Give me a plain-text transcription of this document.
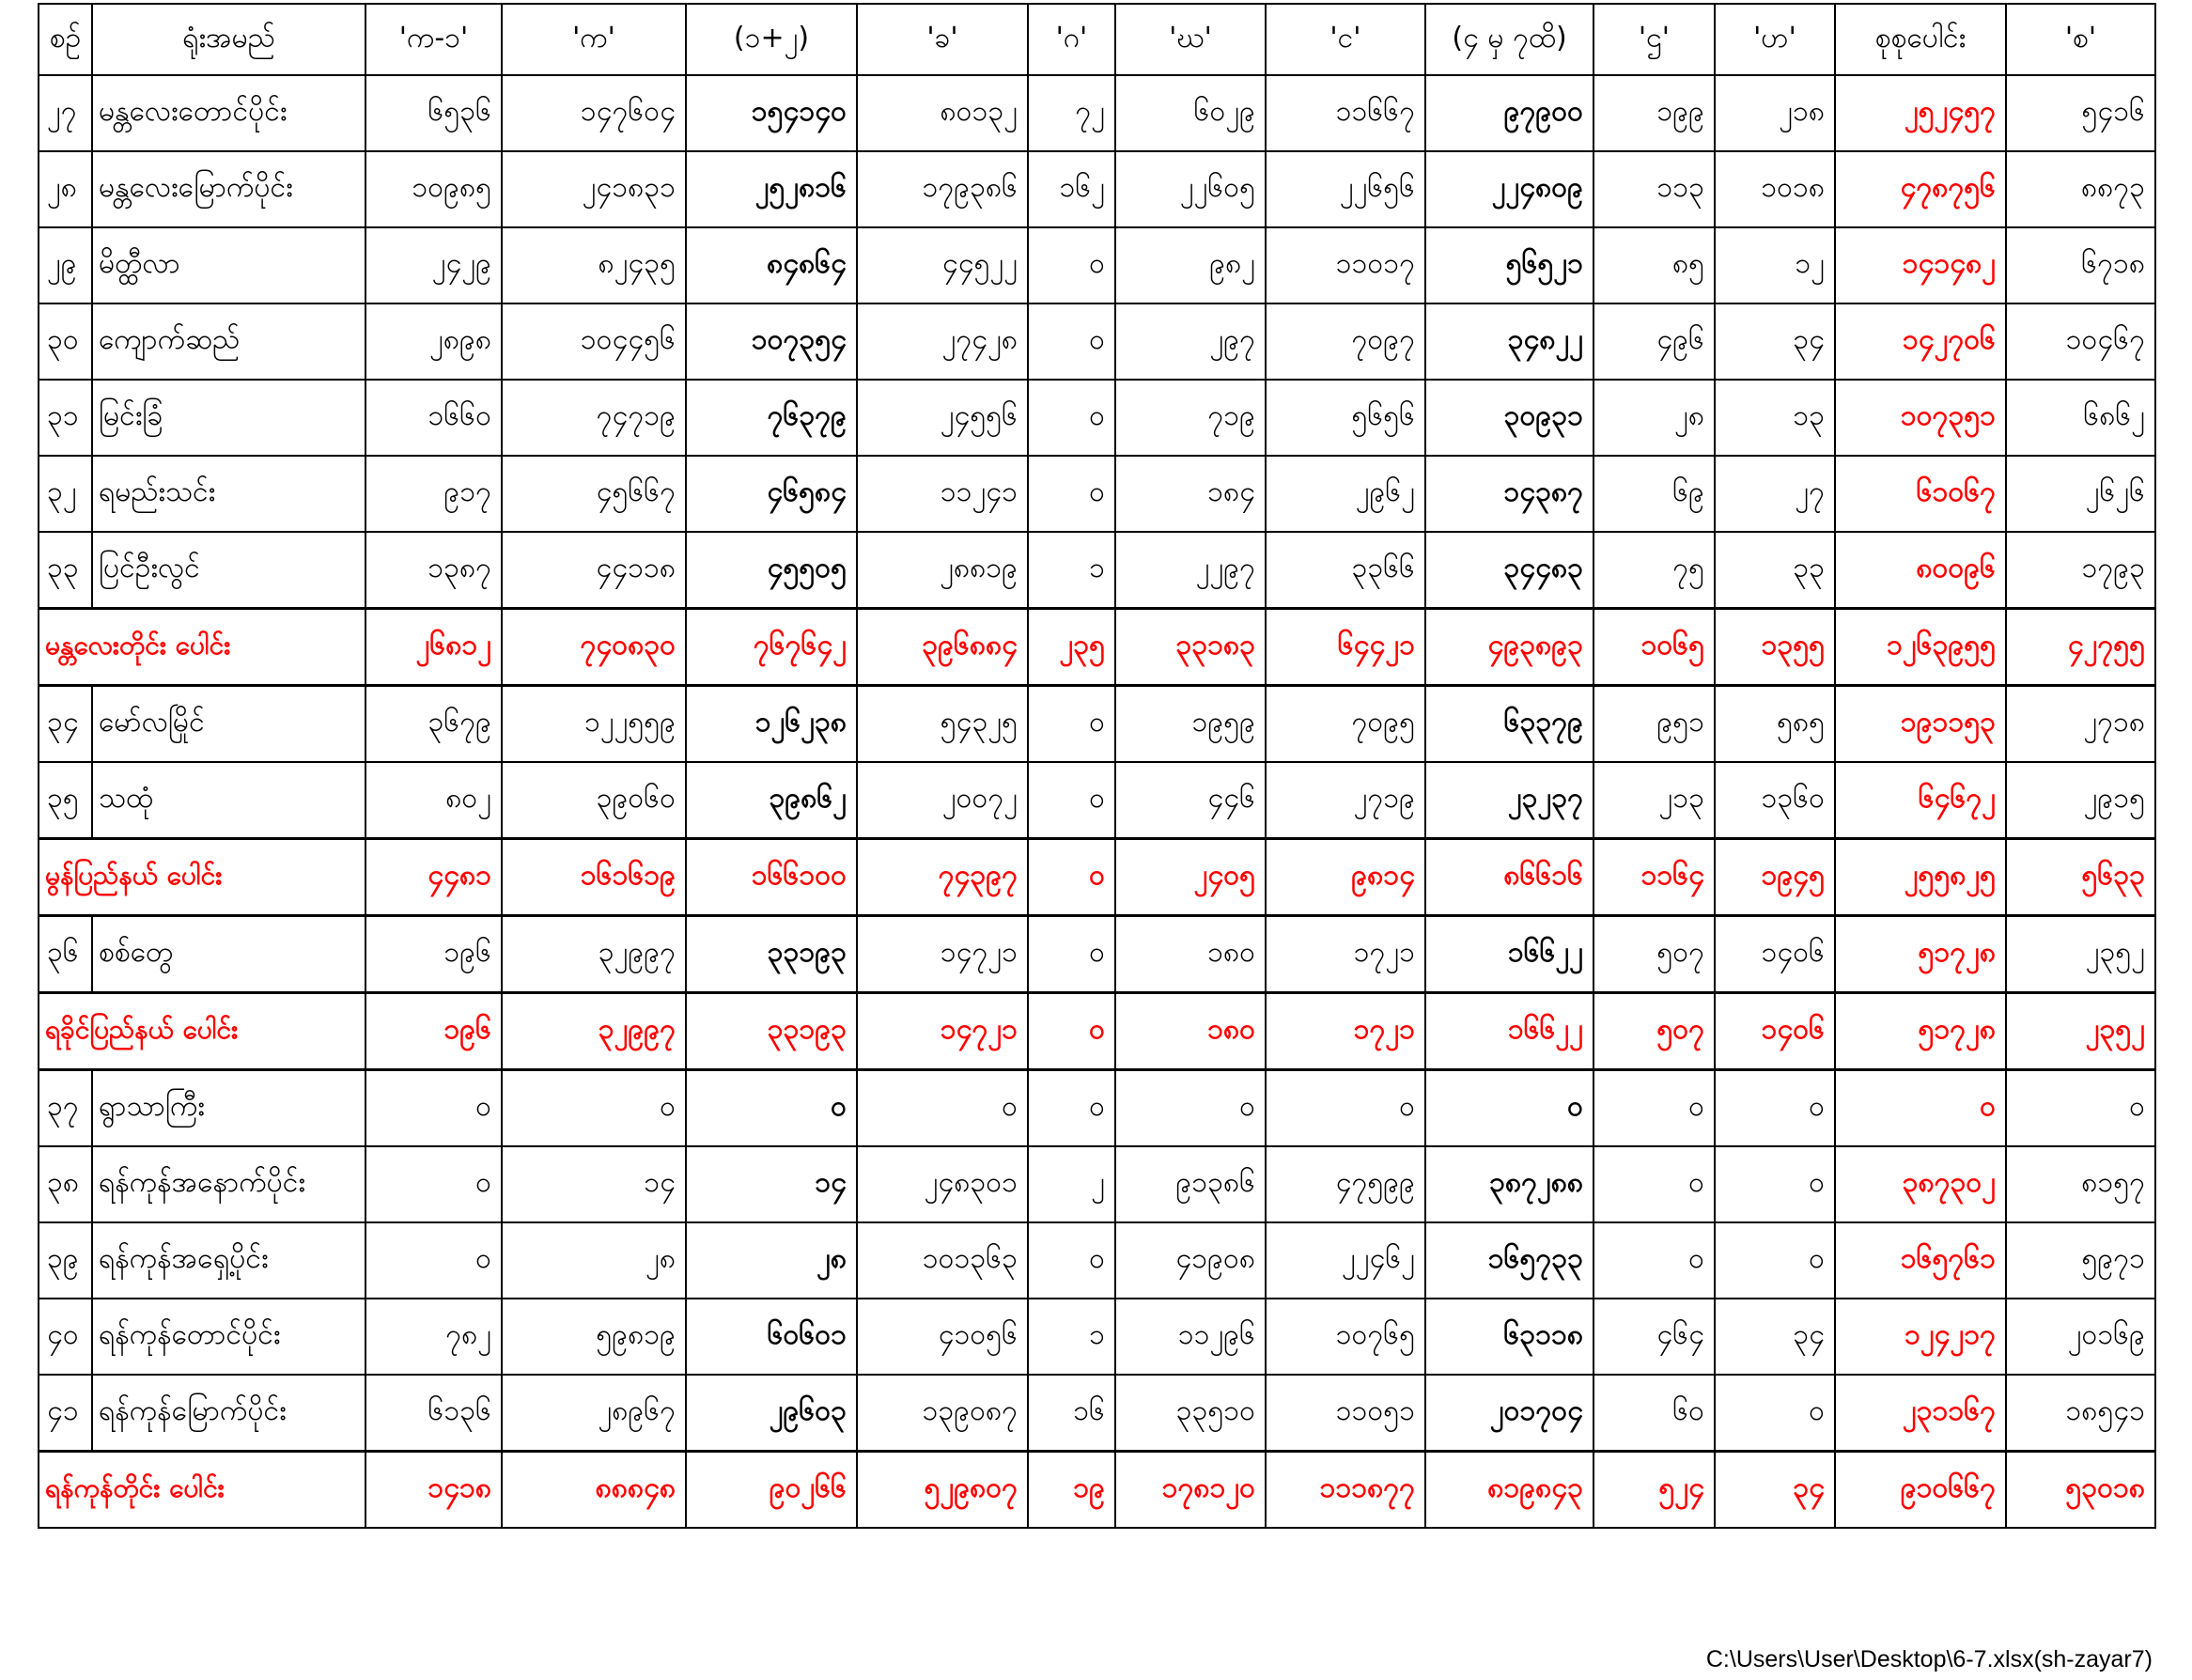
စဉ်	ရုံးအမည်	'က-၁'	'က'	(၁+၂)	'ခ'	'ဂ'	'ဃ'	'င'	(၄ မှ ၇ထိ)	'ဌ'	'ဟ'	စုစုပေါင်း	'စ'
၂၇	မန္တလေးတောင်ပိုင်း	၆၅၃၆	၁၄၇၆၀၄	၁၅၄၁၄၀	၈၀၁၃၂	၇၂	၆၀၂၉	၁၁၆၆၇	၉၇၉၀၀	၁၉၉	၂၁၈	၂၅၂၄၅၇	၅၄၁၆
၂၈	မန္တလေးမြောက်ပိုင်း	၁၀၉၈၅	၂၄၁၈၃၁	၂၅၂၈၁၆	၁၇၉၃၈၆	၁၆၂	၂၂၆၀၅	၂၂၆၅၆	၂၂၄၈၀၉	၁၁၃	၁၀၁၈	၄၇၈၇၅၆	၈၈၇၃
၂၉	မိတ္ထီလာ	၂၄၂၉	၈၂၄၃၅	၈၄၈၆၄	၄၄၅၂၂	၀	၉၈၂	၁၁၀၁၇	၅၆၅၂၁	၈၅	၁၂	၁၄၁၄၈၂	၆၇၁၈
၃၀	ကျောက်ဆည်	၂၈၉၈	၁၀၄၄၅၆	၁၀၇၃၅၄	၂၇၄၂၈	၀	၂၉၇	၇၀၉၇	၃၄၈၂၂	၄၉၆	၃၄	၁၄၂၇၀၆	၁၀၄၆၇
၃၁	မြင်းခြံ	၁၆၆၀	၇၄၇၁၉	၇၆၃၇၉	၂၄၅၅၆	၀	၇၁၉	၅၆၅၆	၃၀၉၃၁	၂၈	၁၃	၁၀၇၃၅၁	၆၈၆၂
၃၂	ရမည်းသင်း	၉၁၇	၄၅၆၆၇	၄၆၅၈၄	၁၁၂၄၁	၀	၁၈၄	၂၉၆၂	၁၄၃၈၇	၆၉	၂၇	၆၁၀၆၇	၂၆၂၆
၃၃	ပြင်ဦးလွင်	၁၃၈၇	၄၄၁၁၈	၄၅၅၀၅	၂၈၈၁၉	၁	၂၂၉၇	၃၃၆၆	၃၄၄၈၃	၇၅	၃၃	၈၀၀၉၆	၁၇၉၃
မန္တလေးတိုင်း ပေါင်း		၂၆၈၁၂	၇၄၀၈၃၀	၇၆၇၆၄၂	၃၉၆၈၈၄	၂၃၅	၃၃၁၈၃	၆၄၄၂၁	၄၉၃၈၉၃	၁၀၆၅	၁၃၅၅	၁၂၆၃၉၅၅	၄၂၇၅၅
၃၄	မော်လမြိုင်	၃၆၇၉	၁၂၂၅၅၉	၁၂၆၂၃၈	၅၄၃၂၅	၀	၁၉၅၉	၇၀၉၅	၆၃၃၇၉	၉၅၁	၅၈၅	၁၉၁၁၅၃	၂၇၁၈
၃၅	သထုံ	၈၀၂	၃၉၀၆၀	၃၉၈၆၂	၂၀၀၇၂	၀	၄၄၆	၂၇၁၉	၂၃၂၃၇	၂၁၃	၁၃၆၀	၆၄၆၇၂	၂၉၁၅
မွန်ပြည်နယ် ပေါင်း		၄၄၈၁	၁၆၁၆၁၉	၁၆၆၁၀၀	၇၄၃၉၇	၀	၂၄၀၅	၉၈၁၄	၈၆၆၁၆	၁၁၆၄	၁၉၄၅	၂၅၅၈၂၅	၅၆၃၃
၃၆	စစ်တွေ	၁၉၆	၃၂၉၉၇	၃၃၁၉၃	၁၄၇၂၁	၀	၁၈၀	၁၇၂၁	၁၆၆၂၂	၅၀၇	၁၄၀၆	၅၁၇၂၈	၂၃၅၂
ရခိုင်ပြည်နယ် ပေါင်း		၁၉၆	၃၂၉၉၇	၃၃၁၉၃	၁၄၇၂၁	၀	၁၈၀	၁၇၂၁	၁၆၆၂၂	၅၀၇	၁၄၀၆	၅၁၇၂၈	၂၃၅၂
၃၇	ရွာသာကြီး	၀	၀	၀	၀	၀	၀	၀	၀	၀	၀	၀	၀
၃၈	ရန်ကုန်အနောက်ပိုင်း	၀	၁၄	၁၄	၂၄၈၃၀၁	၂	၉၁၃၈၆	၄၇၅၉၉	၃၈၇၂၈၈	၀	၀	၃၈၇၃၀၂	၈၁၅၇
၃၉	ရန်ကုန်အရှေ့ပိုင်း	၀	၂၈	၂၈	၁၀၁၃၆၃	၀	၄၁၉၀၈	၂၂၄၆၂	၁၆၅၇၃၃	၀	၀	၁၆၅၇၆၁	၅၉၇၁
၄၀	ရန်ကုန်တောင်ပိုင်း	၇၈၂	၅၉၈၁၉	၆၀၆၀၁	၄၁၀၅၆	၁	၁၁၂၉၆	၁၀၇၆၅	၆၃၁၁၈	၄၆၄	၃၄	၁၂၄၂၁၇	၂၀၁၆၉
၄၁	ရန်ကုန်မြောက်ပိုင်း	၆၁၃၆	၂၈၉၆၇	၂၉၆၀၃	၁၃၉၀၈၇	၁၆	၃၃၅၁၀	၁၁၀၅၁	၂၀၁၇၀၄	၆၀	၀	၂၃၁၁၆၇	၁၈၅၄၁
ရန်ကုန်တိုင်း ပေါင်း		၁၄၁၈	၈၈၈၄၈	၉၀၂၆၆	၅၂၉၈၀၇	၁၉	၁၇၈၁၂၀	၁၁၁၈၇၇	၈၁၉၈၄၃	၅၂၄	၃၄	၉၁၀၆၆၇	၅၃၀၁၈
C:\Users\User\Desktop\6-7.xlsx(sh-zayar7)
